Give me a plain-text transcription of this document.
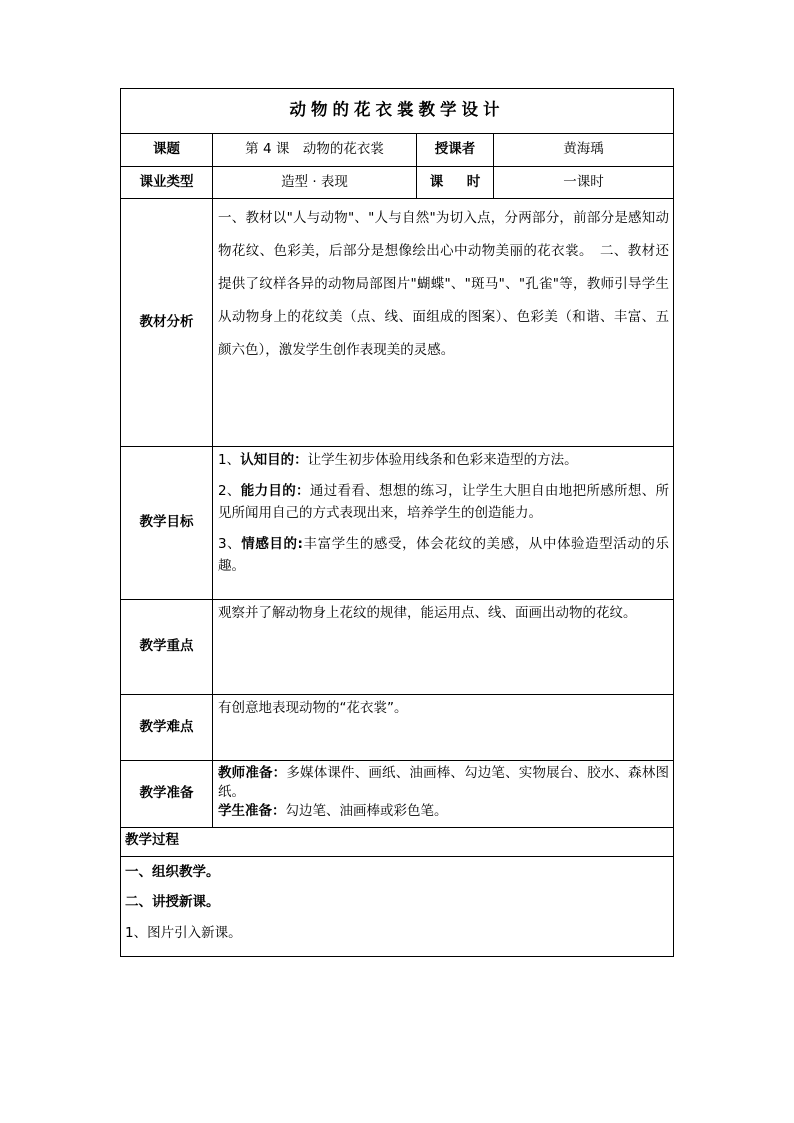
动物的花衣裳教学设计			
课题	第 4 课　动物的花衣裳	授课者	黄海瑀
课业类型	造型 · 表现	课　时	一课时
教材分析	一、教材以"人与动物"、"人与自然"为切入点，分两部分，前部分是感知动物花纹、色彩美，后部分是想像绘出心中动物美丽的花衣裳。　二、教材还提供了纹样各异的动物局部图片"蝴蝶"、"斑马"、"孔雀"等，教师引导学生从动物身上的花纹美（点、线、面组成的图案）、色彩美（和谐、丰富、五颜六色），激发学生创作表现美的灵感。		

教学目标	1、认知目的：让学生初步体验用线条和色彩来造型的方法。

2、能力目的：通过看看、想想的练习，让学生大胆自由地把所感所想、所见所闻用自己的方式表现出来，培养学生的创造能力。

3、情感目的:丰富学生的感受，体会花纹的美感，从中体验造型活动的乐趣。		

教学重点	观察并了解动物身上花纹的规律，能运用点、线、面画出动物的花纹。		

教学难点	有创意地表现动物的“花衣裳”。		

教学准备	教师准备：多媒体课件、画纸、油画棒、勾边笔、实物展台、胶水、森林图纸。

学生准备：勾边笔、油画棒或彩色笔。		

教学过程			

一、组织教学。

二、讲授新课。

1、图片引入新课。			
